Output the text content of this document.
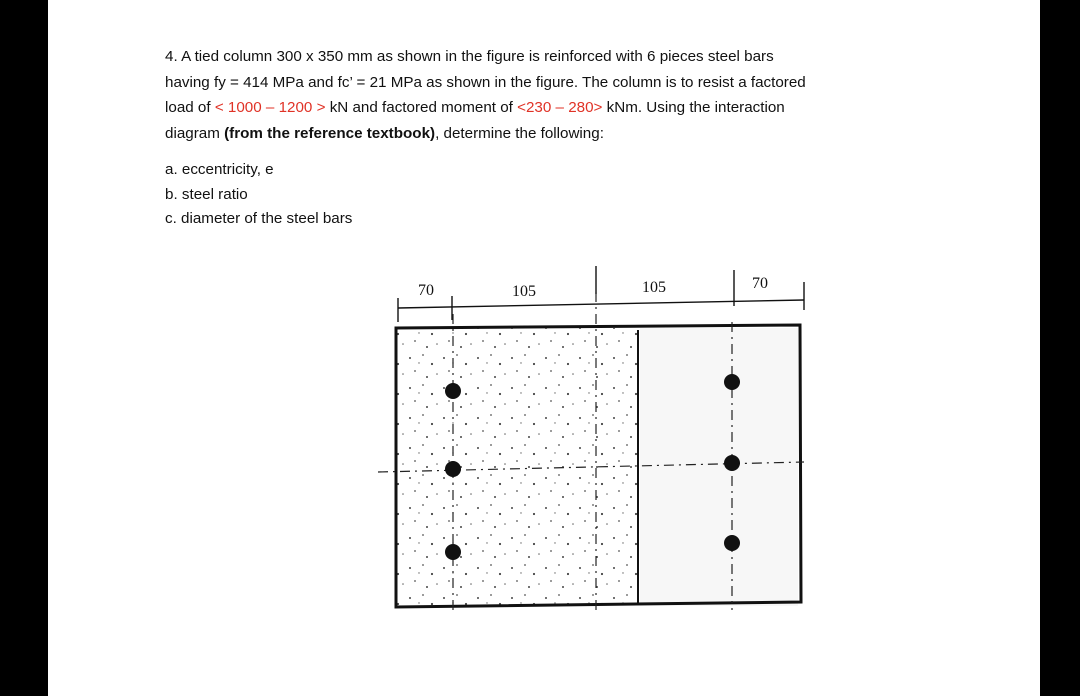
4. A tied column 300 x 350 mm as shown in the figure is reinforced with 6 pieces steel bars
having fy = 414 MPa and fc’ = 21 MPa as shown in the figure. The column is to resist a factored
load of < 1000 – 1200 > kN and factored moment of <230 – 280> kNm. Using the interaction
diagram (from the reference textbook), determine the following:
a. eccentricity, e
b. steel ratio
c. diameter of the steel bars
70	105	105	70
